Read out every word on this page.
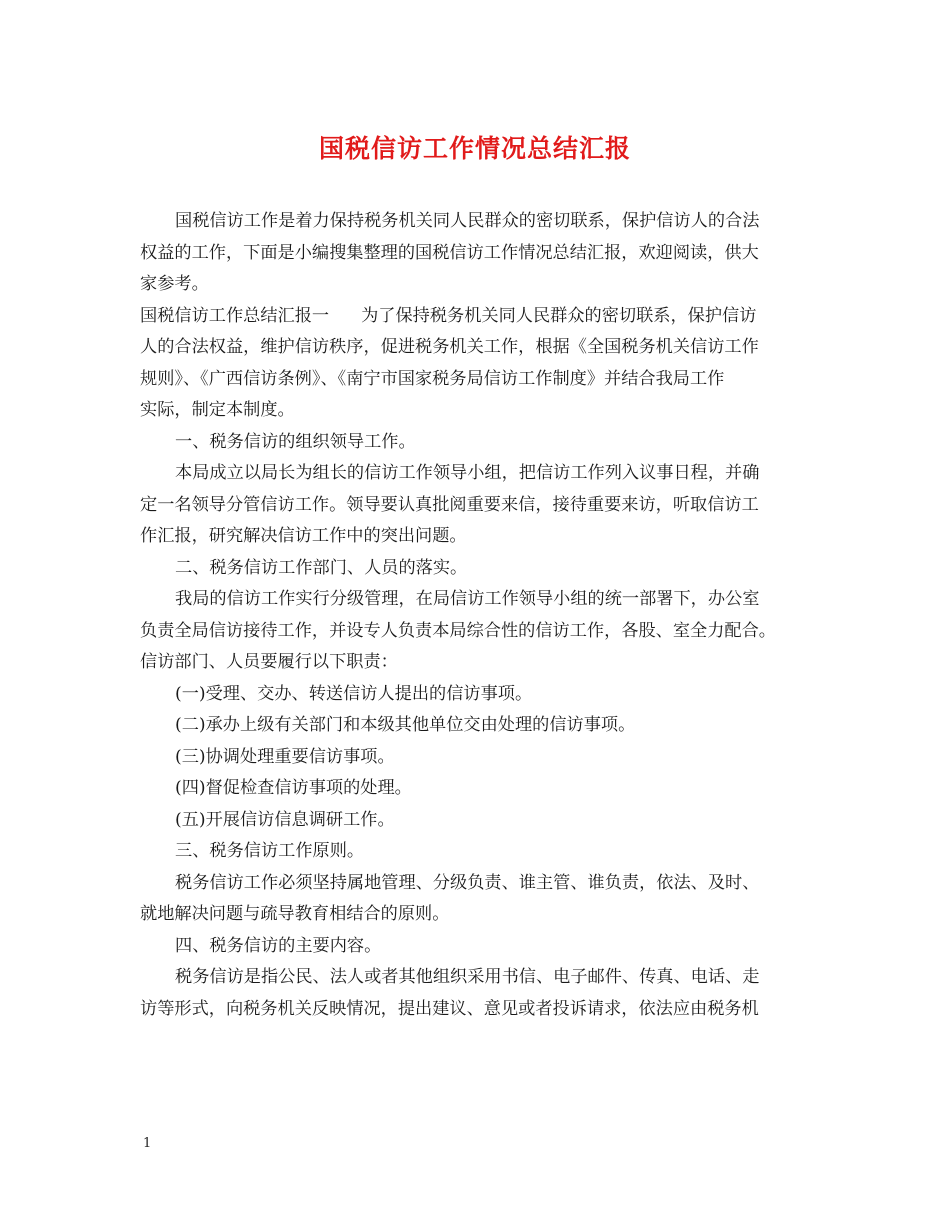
国税信访工作情况总结汇报
国税信访工作是着力保持税务机关同人民群众的密切联系，保护信访人的合法
权益的工作，下面是小编搜集整理的国税信访工作情况总结汇报，欢迎阅读，供大
家参考。
国税信访工作总结汇报一 为了保持税务机关同人民群众的密切联系，保护信访
人的合法权益，维护信访秩序，促进税务机关工作，根据《全国税务机关信访工作
规则》、《广西信访条例》、《南宁市国家税务局信访工作制度》并结合我局工作
实际，制定本制度。
一、税务信访的组织领导工作。
本局成立以局长为组长的信访工作领导小组，把信访工作列入议事日程，并确
定一名领导分管信访工作。领导要认真批阅重要来信，接待重要来访，听取信访工
作汇报，研究解决信访工作中的突出问题。
二、税务信访工作部门、人员的落实。
我局的信访工作实行分级管理，在局信访工作领导小组的统一部署下，办公室
负责全局信访接待工作，并设专人负责本局综合性的信访工作，各股、室全力配合。
信访部门、人员要履行以下职责：
(一)受理、交办、转送信访人提出的信访事项。
(二)承办上级有关部门和本级其他单位交由处理的信访事项。
(三)协调处理重要信访事项。
(四)督促检查信访事项的处理。
(五)开展信访信息调研工作。
三、税务信访工作原则。
税务信访工作必须坚持属地管理、分级负责、谁主管、谁负责，依法、及时、
就地解决问题与疏导教育相结合的原则。
四、税务信访的主要内容。
税务信访是指公民、法人或者其他组织采用书信、电子邮件、传真、电话、走
访等形式，向税务机关反映情况，提出建议、意见或者投诉请求，依法应由税务机
1
